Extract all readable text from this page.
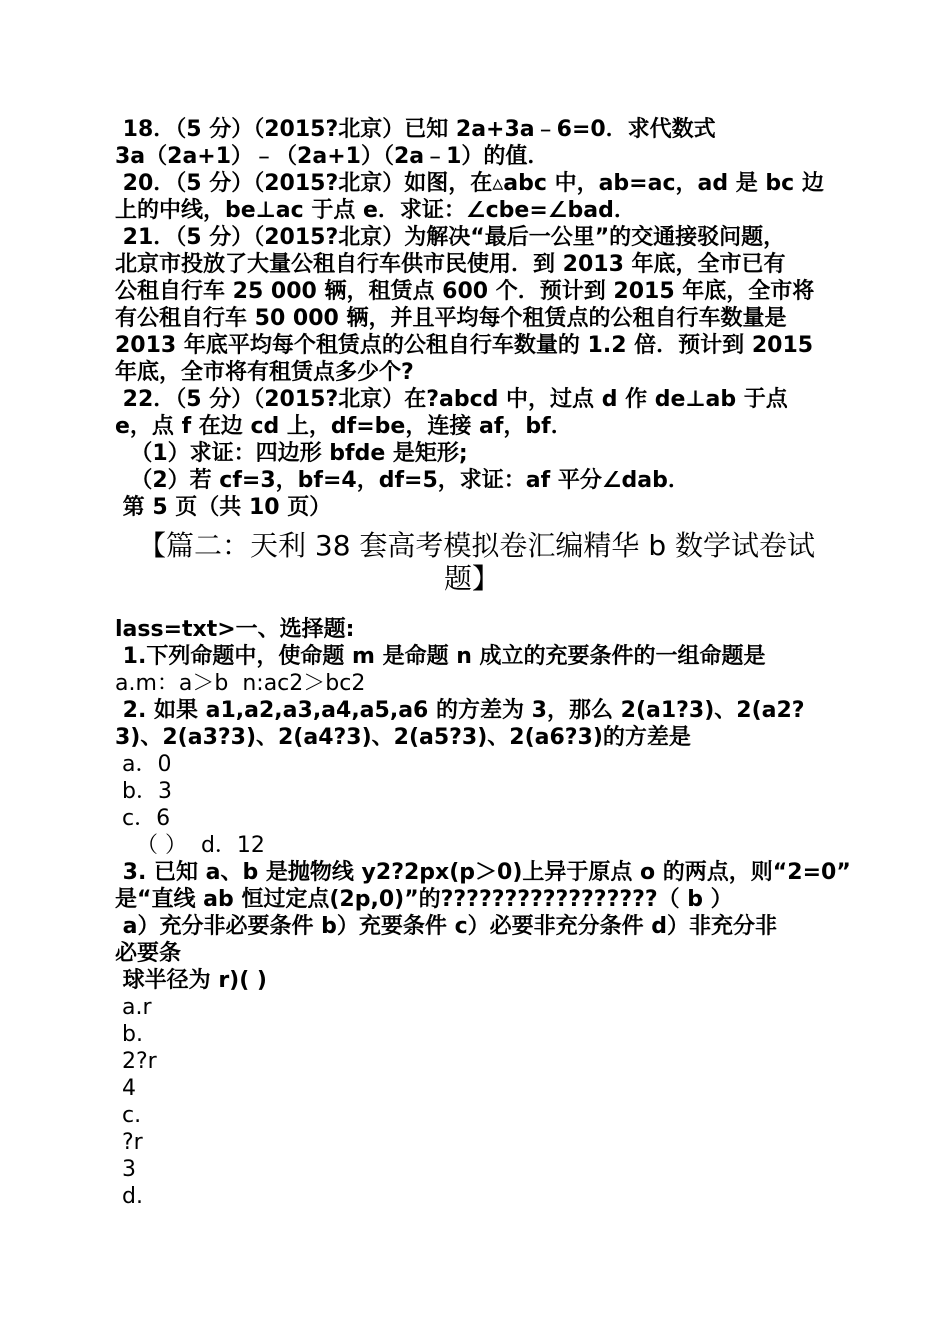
18．（5 分）（2015?北京）已知 2a+3a﹣6=0．求代数式
3a（2a+1）﹣（2a+1）（2a﹣1）的值．
20．（5 分）（2015?北京）如图，在▵abc 中，ab=ac，ad 是 bc 边
上的中线，be⊥ac 于点 e．求证：∠cbe=∠bad．
21．（5 分）（2015?北京）为解决“最后一公里”的交通接驳问题，
北京市投放了大量公租自行车供市民使用．到 2013 年底，全市已有
公租自行车 25 000 辆，租赁点 600 个．预计到 2015 年底，全市将
有公租自行车 50 000 辆，并且平均每个租赁点的公租自行车数量是
2013 年底平均每个租赁点的公租自行车数量的 1.2 倍．预计到 2015
年底，全市将有租赁点多少个?
22．（5 分）（2015?北京）在?abcd 中，过点 d 作 de⊥ab 于点
e，点 f 在边 cd 上，df=be，连接 af，bf．
（1）求证：四边形 bfde 是矩形;
（2）若 cf=3，bf=4，df=5，求证：af 平分∠dab．
第 5 页（共 10 页）
【篇二：天利 38 套高考模拟卷汇编精华 b 数学试卷试
题】
lass=txt>一、选择题:
1.下列命题中，使命题 m 是命题 n 成立的充要条件的一组命题是
a.m：a＞b  n:ac2＞bc2
2. 如果 a1,a2,a3,a4,a5,a6 的方差为 3，那么 2(a1?3)、2(a2?
3)、2(a3?3)、2(a4?3)、2(a5?3)、2(a6?3)的方差是
a．0
b．3
c．6
（ ）  d．12
3. 已知 a、b 是抛物线 y2?2px(p＞0)上异于原点 o 的两点，则“2=0”
是“直线 ab 恒过定点(2p,0)”的?????????????????（ b ）
a）充分非必要条件 b）充要条件 c）必要非充分条件 d）非充分非
必要条
球半径为 r)( )
a.r
b.
2?r
4
c.
?r
3
d.
